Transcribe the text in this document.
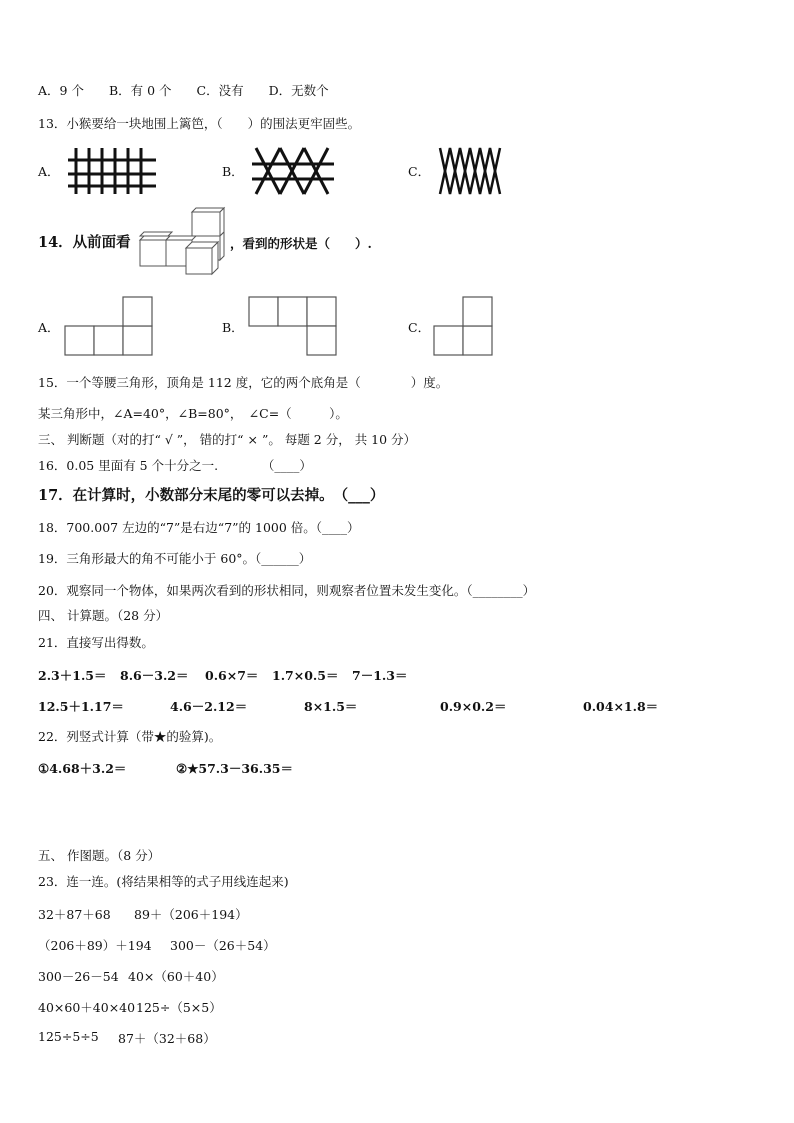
A．9 个　　B．有 0 个　　C．没有　　D．无数个
13．小猴要给一块地围上篱笆，（　　）的围法更牢固些。
A．	B．	C．
14．从前面看	，看到的形状是（　　）.
A．	B．	C．
15．一个等腰三角形，顶角是 112 度，它的两个底角是（　　　　）度。
某三角形中，∠A=40°，∠B=80°，　∠C=（　　　）。
三、 判断题（对的打“ √ ”， 错的打“ × ”。 每题 2 分， 共 10 分）
16．0.05 里面有 5 个十分之一.　　　　（____）
17．在计算时，小数部分末尾的零可以去掉。　（___）
18．700.007 左边的“7”是右边“7”的 1000 倍。（____）
19．三角形最大的角不可能小于 60°。（______）
20．观察同一个物体，如果两次看到的形状相同，则观察者位置未发生变化。（________）
四、 计算题。（28 分）
21．直接写出得数。
2.3＋1.5＝ 8.6－3.2＝ 0.6×7＝ 1.7×0.5＝ 7－1.3＝
12.5＋1.17＝	4.6－2.12＝	8×1.5＝	0.9×0.2＝	0.04×1.8＝
22．列竖式计算（带★的验算)。
①4.68＋3.2＝	②★57.3－36.35＝
五、 作图题。（8 分）
23．连一连。(将结果相等的式子用线连起来)
32＋87＋68 89＋（206＋194）
（206＋89）＋194 300－（26＋54）
300－26－54 40×（60＋40）
40×60＋40×40 125÷（5×5）
125÷5÷5 87＋（32＋68）
